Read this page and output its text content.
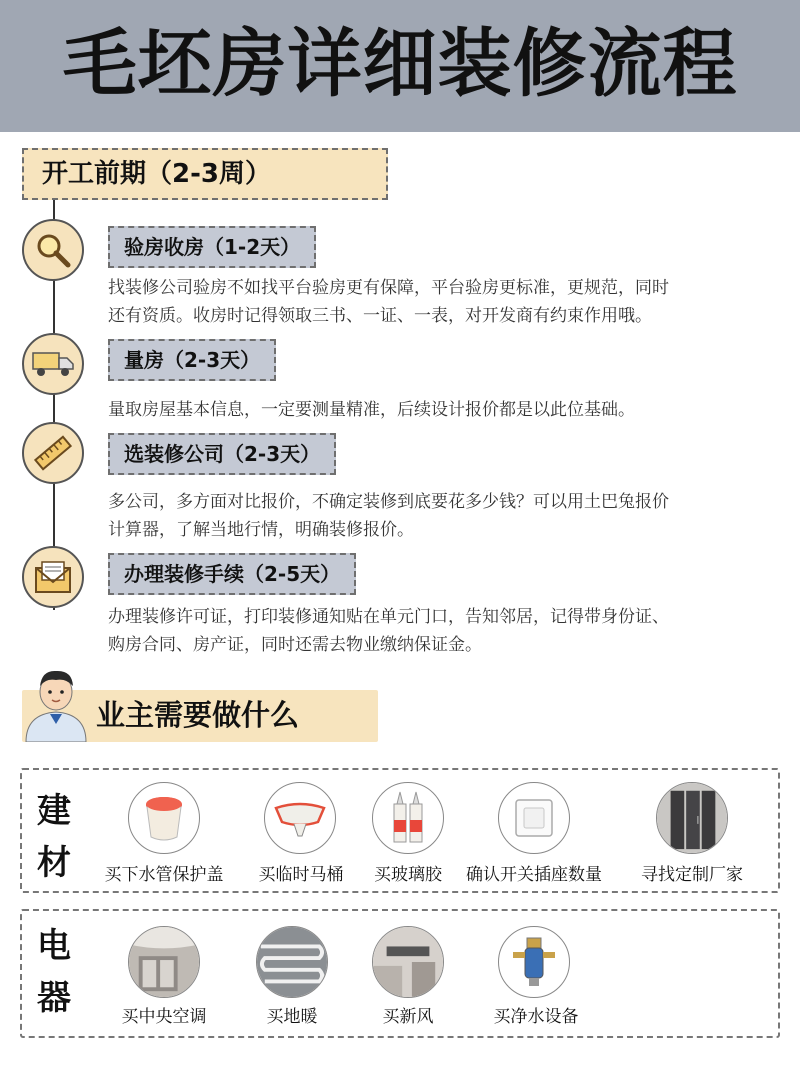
毛坯房详细装修流程
开工前期（2-3周）
验房收房（1-2天）
找装修公司验房不如找平台验房更有保障，平台验房更标准，更规范，同时
还有资质。收房时记得领取三书、一证、一表，对开发商有约束作用哦。
量房（2-3天）
量取房屋基本信息，一定要测量精准，后续设计报价都是以此位基础。
选装修公司（2-3天）
多公司，多方面对比报价，不确定装修到底要花多少钱？可以用土巴兔报价
计算器，了解当地行情，明确装修报价。
办理装修手续（2-5天）
办理装修许可证，打印装修通知贴在单元门口，告知邻居，记得带身份证、
购房合同、房产证，同时还需去物业缴纳保证金。
业主需要做什么
建
材	买下水管保护盖	买临时马桶	买玻璃胶	确认开关插座数量	寻找定制厂家
电
器	买中央空调	买地暖	买新风	买净水设备
